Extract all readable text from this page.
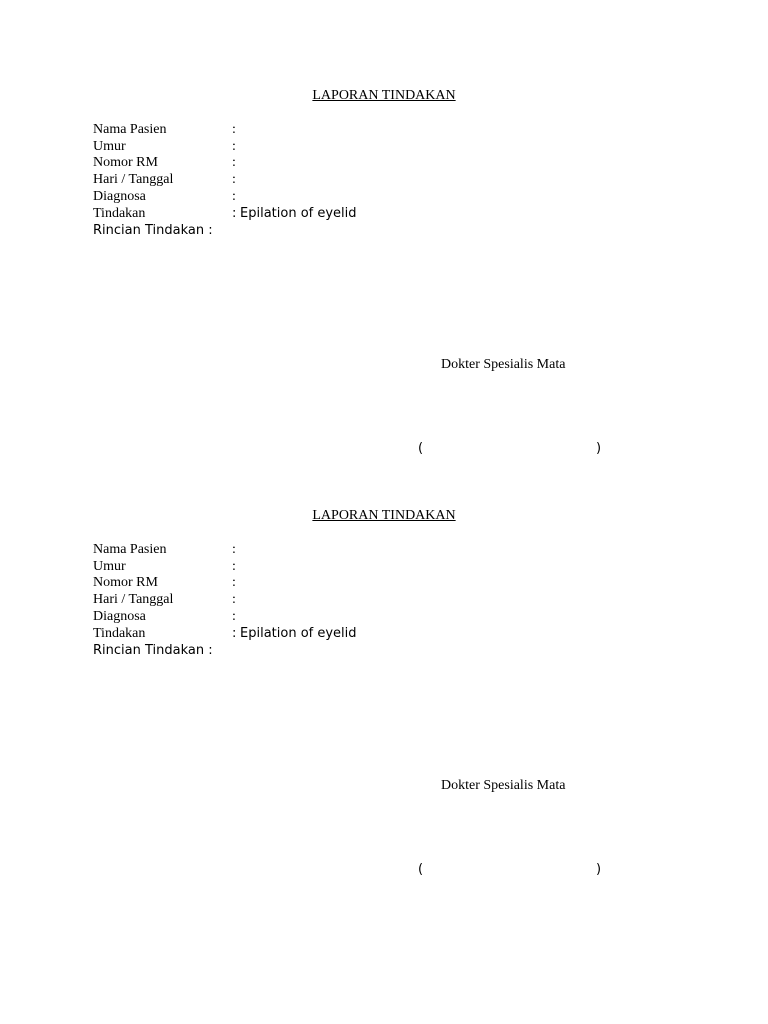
LAPORAN TINDAKAN
Nama Pasien	:
Umur	:
Nomor RM	:
Hari / Tanggal	:
Diagnosa	:
Tindakan	: Epilation of eyelid
Rincian Tindakan :
Dokter Spesialis Mata
(	)
LAPORAN TINDAKAN
Nama Pasien	:
Umur	:
Nomor RM	:
Hari / Tanggal	:
Diagnosa	:
Tindakan	: Epilation of eyelid
Rincian Tindakan :
Dokter Spesialis Mata
(	)
